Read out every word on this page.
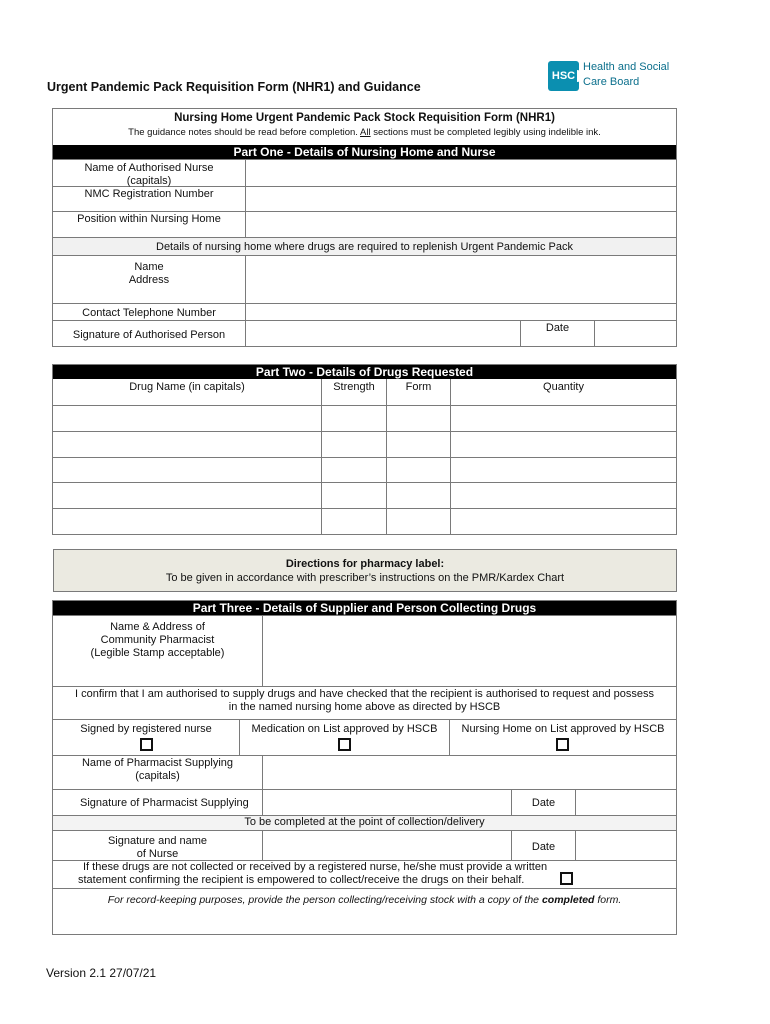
Urgent Pandemic Pack Requisition Form (NHR1) and Guidance
HSC
Health and Social
Care Board
Nursing Home Urgent Pandemic Pack Stock Requisition Form (NHR1)
The guidance notes should be read before completion. All sections must be completed legibly using indelible ink.
Part One - Details of Nursing Home and Nurse
Name of Authorised Nurse
(capitals)
NMC Registration Number
Position within Nursing Home
Details of nursing home where drugs are required to replenish Urgent Pandemic Pack
Name
Address
Contact Telephone Number
Signature of Authorised Person
Date
Part Two - Details of Drugs Requested
Drug Name (in capitals)	Strength	Form	Quantity
Directions for pharmacy label:
To be given in accordance with prescriber’s instructions on the PMR/Kardex Chart
Part Three - Details of Supplier and Person Collecting Drugs
Name & Address of
Community Pharmacist
(Legible Stamp acceptable)
I confirm that I am authorised to supply drugs and have checked that the recipient is authorised to request and possess
in the named nursing home above as directed by HSCB
Signed by registered nurse	Medication on List approved by HSCB	Nursing Home on List approved by HSCB
Name of Pharmacist Supplying
(capitals)
Signature of Pharmacist Supplying	Date
To be completed at the point of collection/delivery
Signature and name
of Nurse
Date
If these drugs are not collected or received by a registered nurse, he/she must provide a written
statement confirming the recipient is empowered to collect/receive the drugs on their behalf.
For record-keeping purposes, provide the person collecting/receiving stock with a copy of the completed form.
Version 2.1 27/07/21
